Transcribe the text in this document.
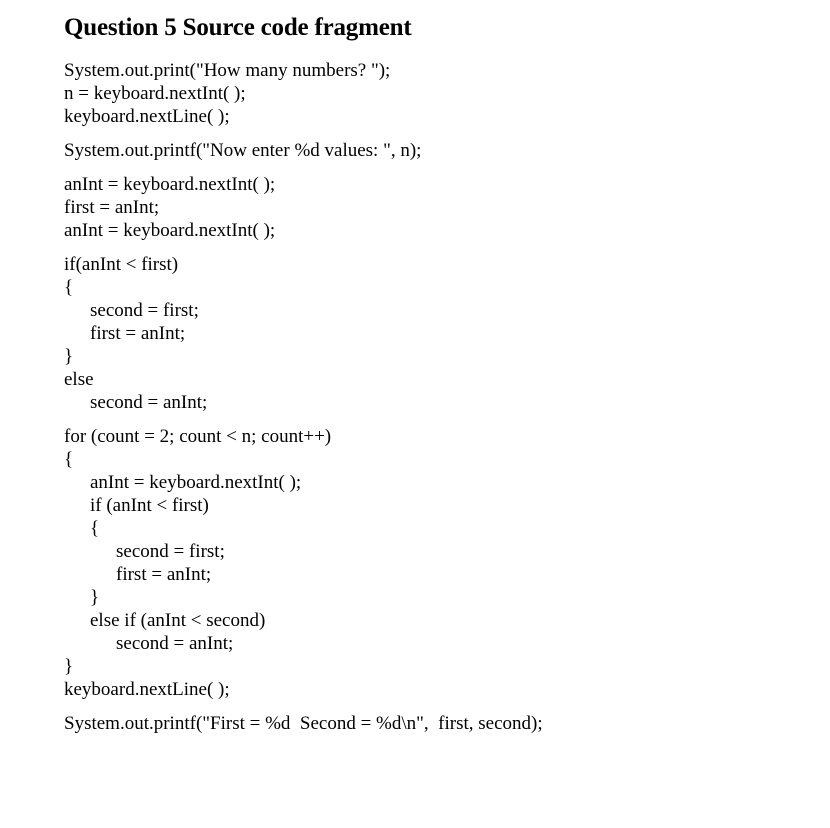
Question 5 Source code fragment
System.out.print("How many numbers? ");
n = keyboard.nextInt( );
keyboard.nextLine( );
System.out.printf("Now enter %d values: ", n);
anInt = keyboard.nextInt( );
first = anInt;
anInt = keyboard.nextInt( );
if(anInt < first)
{
second = first;
first = anInt;
}
else
second = anInt;
for (count = 2; count < n; count++)
{
anInt = keyboard.nextInt( );
if (anInt < first)
{
second = first;
first = anInt;
}
else if (anInt < second)
second = anInt;
}
keyboard.nextLine( );
System.out.printf("First = %d  Second = %d\n",  first, second);
